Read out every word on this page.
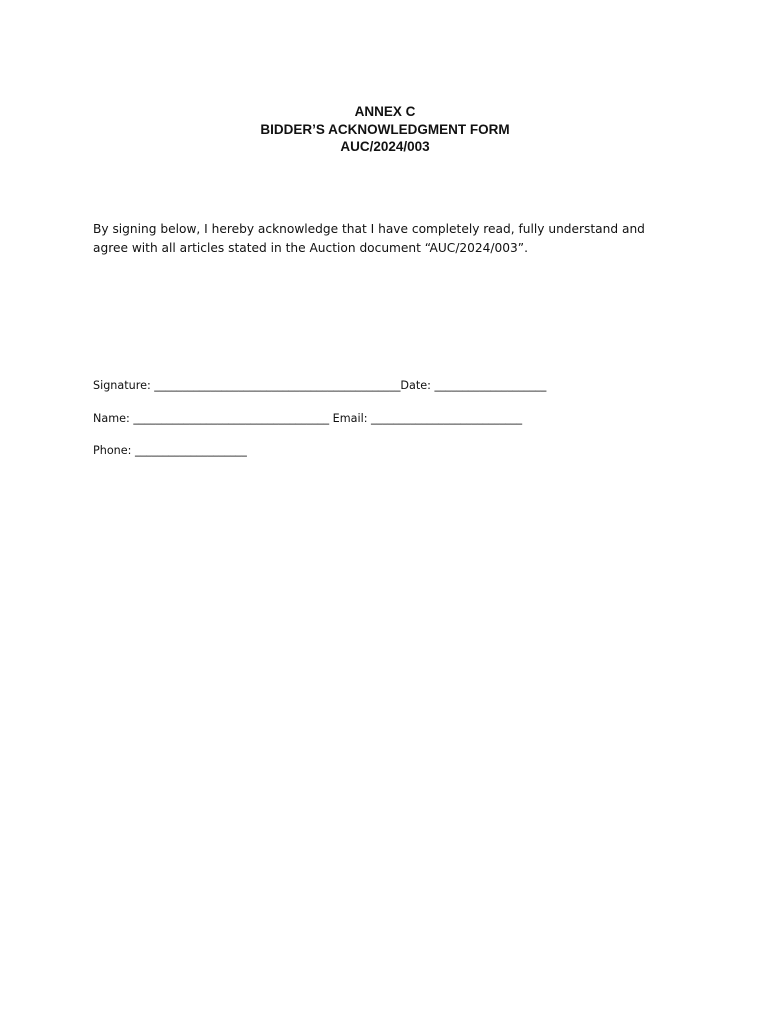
ANNEX C
BIDDER’S ACKNOWLEDGMENT FORM
AUC/2024/003
By signing below, I hereby acknowledge that I have completely read, fully understand and
agree with all articles stated in the Auction document “AUC/2024/003”.
Signature: ____________________________________________Date: ____________________
Name: ___________________________________ Email: ___________________________
Phone: ____________________
